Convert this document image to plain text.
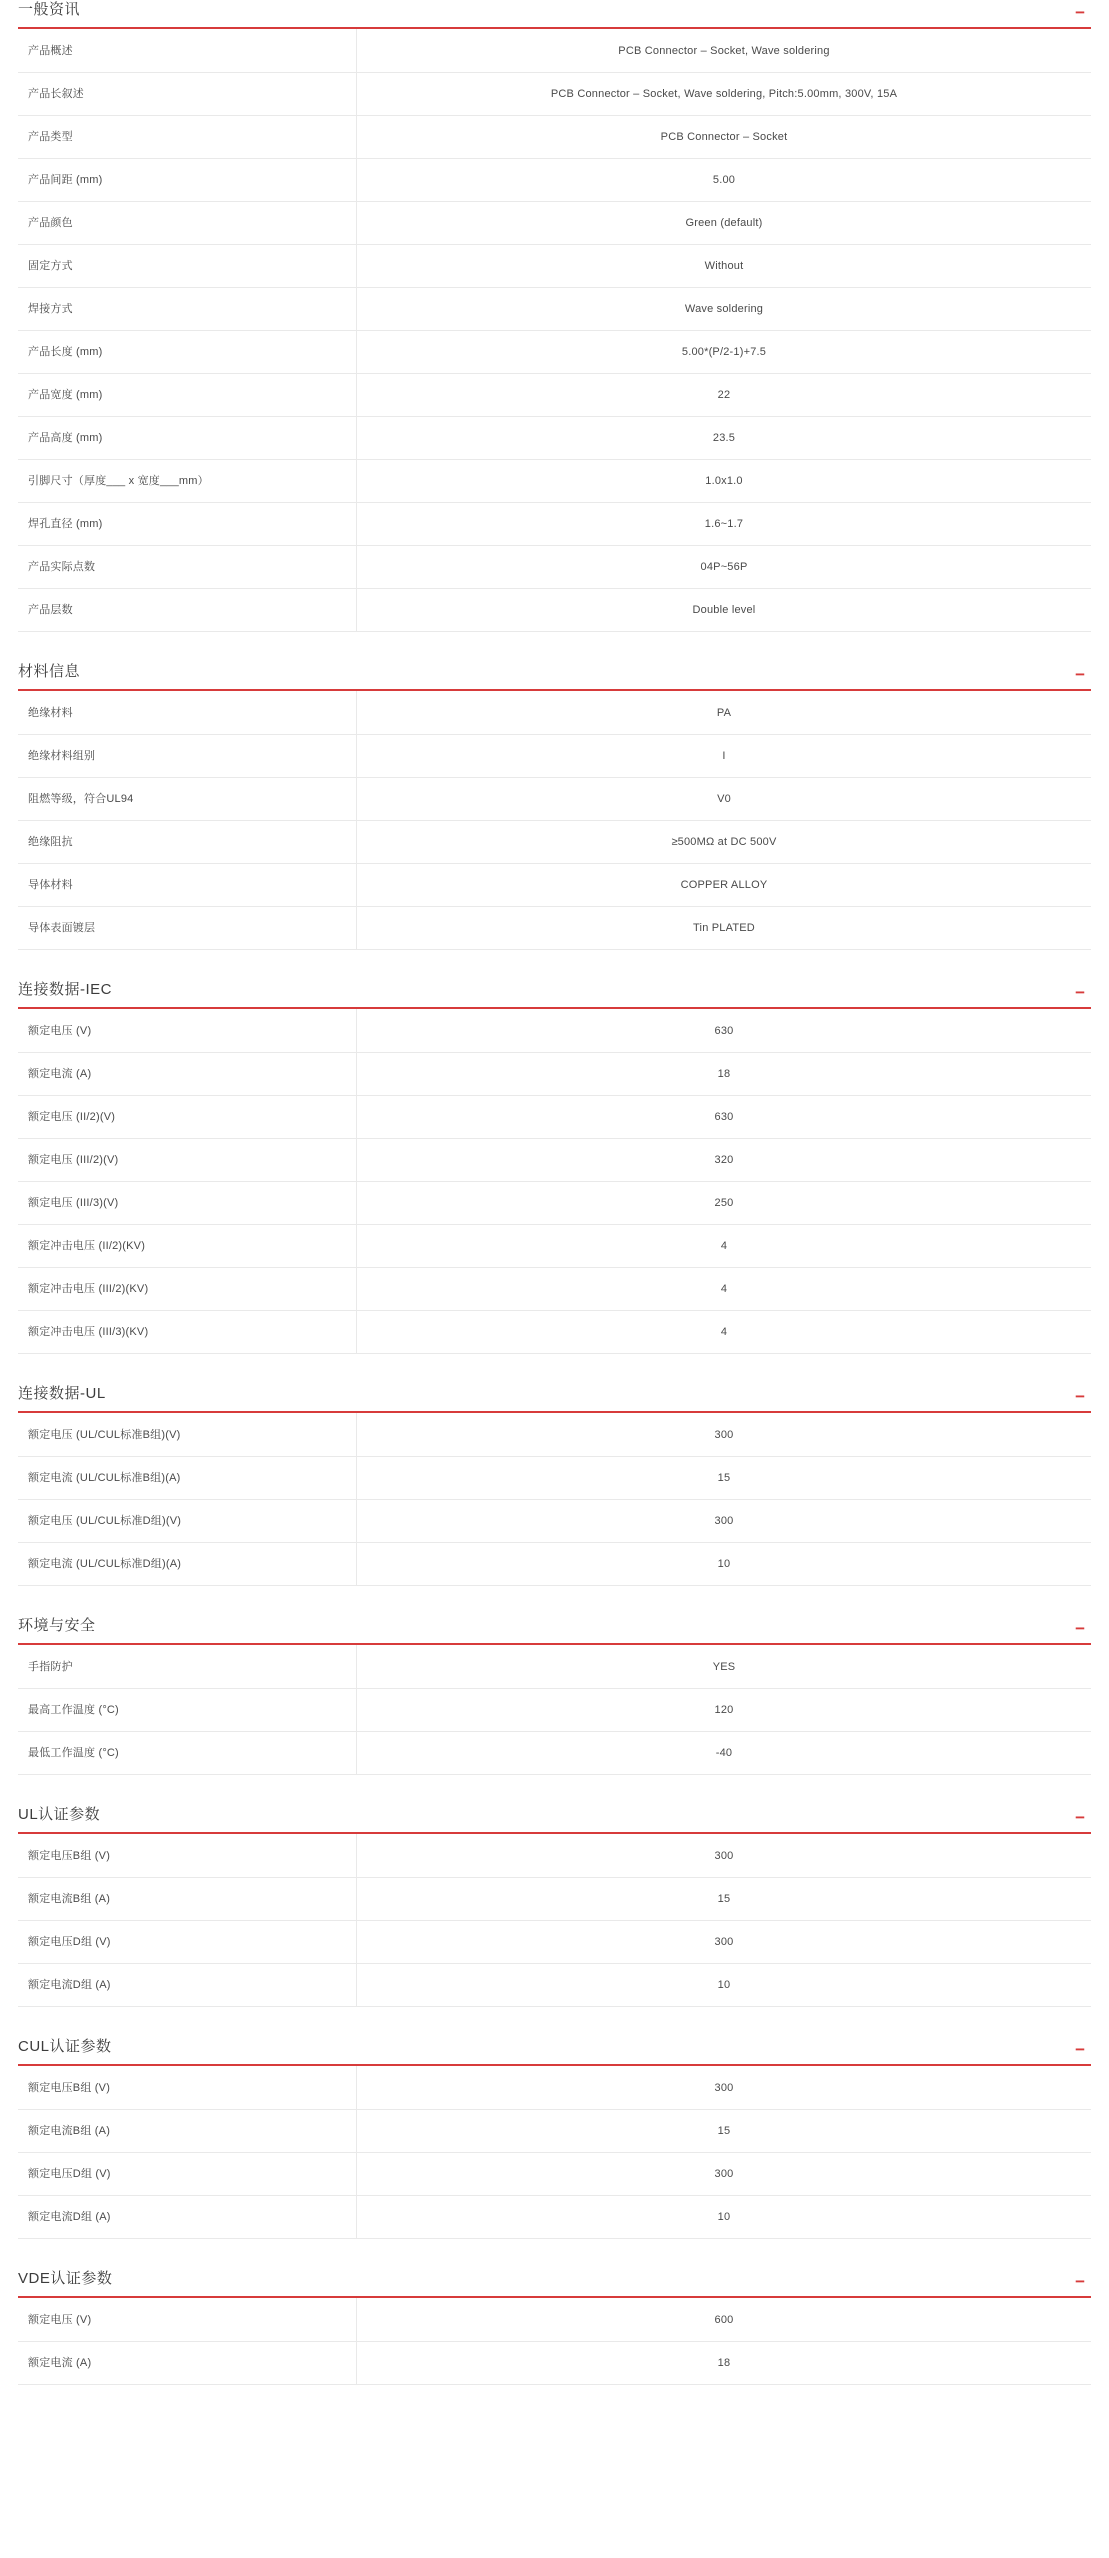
一般资讯	−
产品概述	PCB Connector – Socket, Wave soldering
产品长叙述	PCB Connector – Socket, Wave soldering, Pitch:5.00mm, 300V, 15A
产品类型	PCB Connector – Socket
产品间距 (mm)	5.00
产品颜色	Green (default)
固定方式	Without
焊接方式	Wave soldering
产品长度 (mm)	5.00*(P/2-1)+7.5
产品宽度 (mm)	22
产品高度 (mm)	23.5
引脚尺寸（厚度___ x 宽度___mm）	1.0x1.0
焊孔直径 (mm)	1.6~1.7
产品实际点数	04P~56P
产品层数	Double level
材料信息	−
绝缘材料	PA
绝缘材料组别	I
阻燃等级，符合UL94	V0
绝缘阻抗	≥500MΩ at DC 500V
导体材料	COPPER ALLOY
导体表面镀层	Tin PLATED
连接数据-IEC	−
额定电压 (V)	630
额定电流 (A)	18
额定电压 (II/2)(V)	630
额定电压 (III/2)(V)	320
额定电压 (III/3)(V)	250
额定冲击电压 (II/2)(KV)	4
额定冲击电压 (III/2)(KV)	4
额定冲击电压 (III/3)(KV)	4
连接数据-UL	−
额定电压 (UL/CUL标准B组)(V)	300
额定电流 (UL/CUL标准B组)(A)	15
额定电压 (UL/CUL标准D组)(V)	300
额定电流 (UL/CUL标准D组)(A)	10
环境与安全	−
手指防护	YES
最高工作温度 (°C)	120
最低工作温度 (°C)	-40
UL认证参数	−
额定电压B组 (V)	300
额定电流B组 (A)	15
额定电压D组 (V)	300
额定电流D组 (A)	10
CUL认证参数	−
额定电压B组 (V)	300
额定电流B组 (A)	15
额定电压D组 (V)	300
额定电流D组 (A)	10
VDE认证参数	−
额定电压 (V)	600
额定电流 (A)	18
